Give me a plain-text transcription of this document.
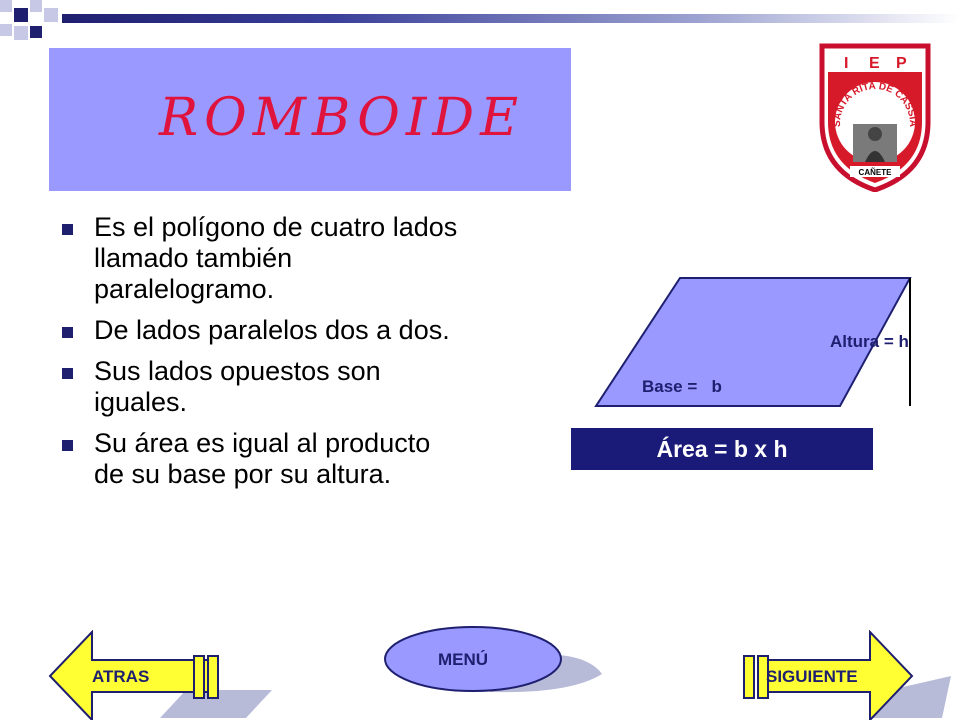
ROMBOIDE
Es el polígono de cuatro lados llamado también paralelogramo.
De lados paralelos dos a dos.
Sus lados opuestos son iguales.
Su área es igual al producto de su base por su altura.
I E P
SANTA RITA DE CASSIA
CAÑETE
Altura = h
Base =   b
Área = b x h
ATRAS
MENÚ
SIGUIENTE
